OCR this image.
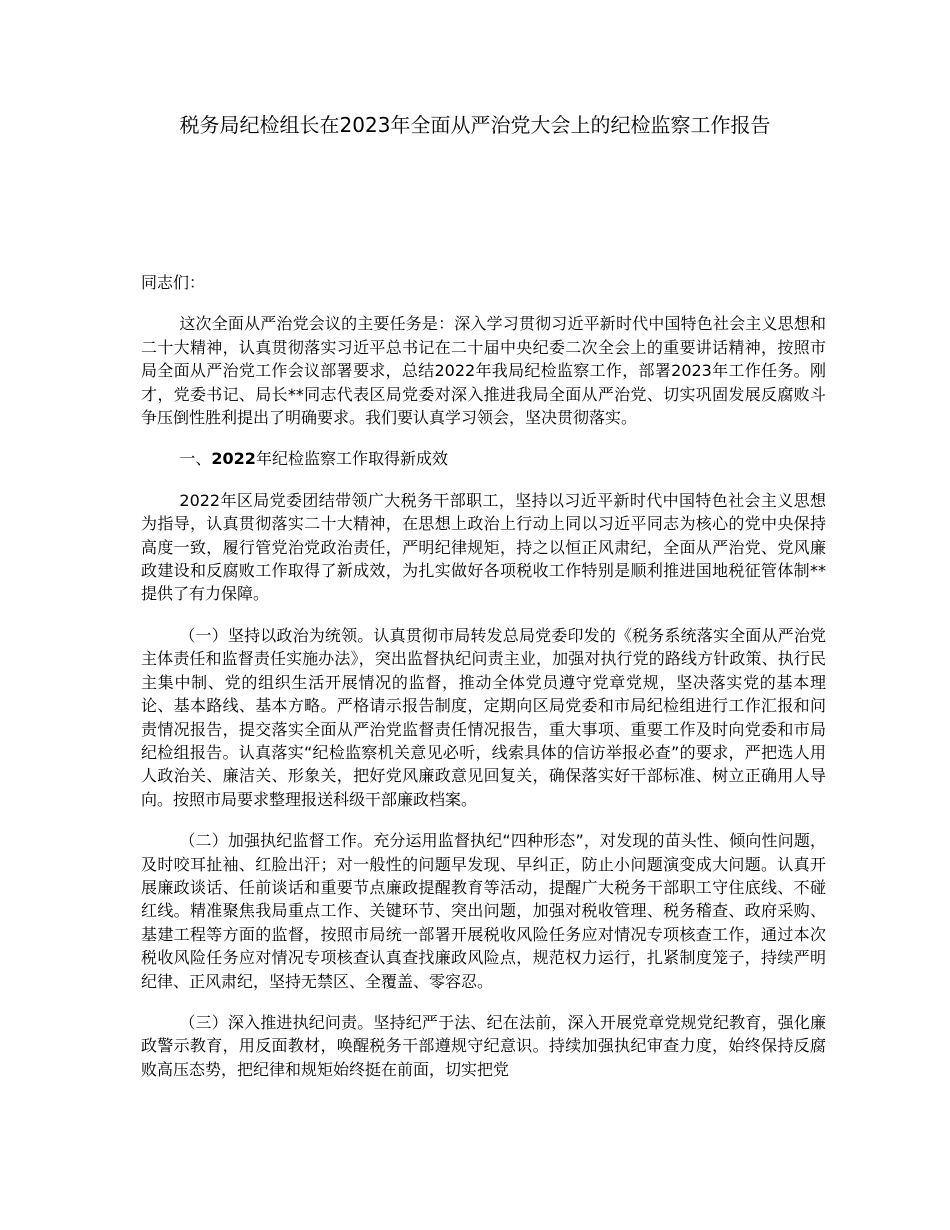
税务局纪检组长在2023年全面从严治党大会上的纪检监察工作报告

同志们：

这次全面从严治党会议的主要任务是：深入学习贯彻习近平新时代中国特色社会主义思想和二十大精神，认真贯彻落实习近平总书记在二十届中央纪委二次全会上的重要讲话精神，按照市局全面从严治党工作会议部署要求，总结2022年我局纪检监察工作，部署2023年工作任务。刚才，党委书记、局长**同志代表区局党委对深入推进我局全面从严治党、切实巩固发展反腐败斗争压倒性胜利提出了明确要求。我们要认真学习领会，坚决贯彻落实。

一、2022年纪检监察工作取得新成效

2022年区局党委团结带领广大税务干部职工，坚持以习近平新时代中国特色社会主义思想为指导，认真贯彻落实二十大精神，在思想上政治上行动上同以习近平同志为核心的党中央保持高度一致，履行管党治党政治责任，严明纪律规矩，持之以恒正风肃纪，全面从严治党、党风廉政建设和反腐败工作取得了新成效，为扎实做好各项税收工作特别是顺利推进国地税征管体制**提供了有力保障。

（一）坚持以政治为统领。认真贯彻市局转发总局党委印发的《税务系统落实全面从严治党主体责任和监督责任实施办法》，突出监督执纪问责主业，加强对执行党的路线方针政策、执行民主集中制、党的组织生活开展情况的监督，推动全体党员遵守党章党规，坚决落实党的基本理论、基本路线、基本方略。严格请示报告制度，定期向区局党委和市局纪检组进行工作汇报和问责情况报告，提交落实全面从严治党监督责任情况报告，重大事项、重要工作及时向党委和市局纪检组报告。认真落实“纪检监察机关意见必听，线索具体的信访举报必查”的要求，严把选人用人政治关、廉洁关、形象关，把好党风廉政意见回复关，确保落实好干部标准、树立正确用人导向。按照市局要求整理报送科级干部廉政档案。

（二）加强执纪监督工作。充分运用监督执纪“四种形态”，对发现的苗头性、倾向性问题，及时咬耳扯袖、红脸出汗；对一般性的问题早发现、早纠正，防止小问题演变成大问题。认真开展廉政谈话、任前谈话和重要节点廉政提醒教育等活动，提醒广大税务干部职工守住底线、不碰红线。精准聚焦我局重点工作、关键环节、突出问题，加强对税收管理、税务稽查、政府采购、基建工程等方面的监督，按照市局统一部署开展税收风险任务应对情况专项核查工作，通过本次税收风险任务应对情况专项核查认真查找廉政风险点，规范权力运行，扎紧制度笼子，持续严明纪律、正风肃纪，坚持无禁区、全覆盖、零容忍。

（三）深入推进执纪问责。坚持纪严于法、纪在法前，深入开展党章党规党纪教育，强化廉政警示教育，用反面教材，唤醒税务干部遵规守纪意识。持续加强执纪审查力度，始终保持反腐败高压态势，把纪律和规矩始终挺在前面，切实把党
